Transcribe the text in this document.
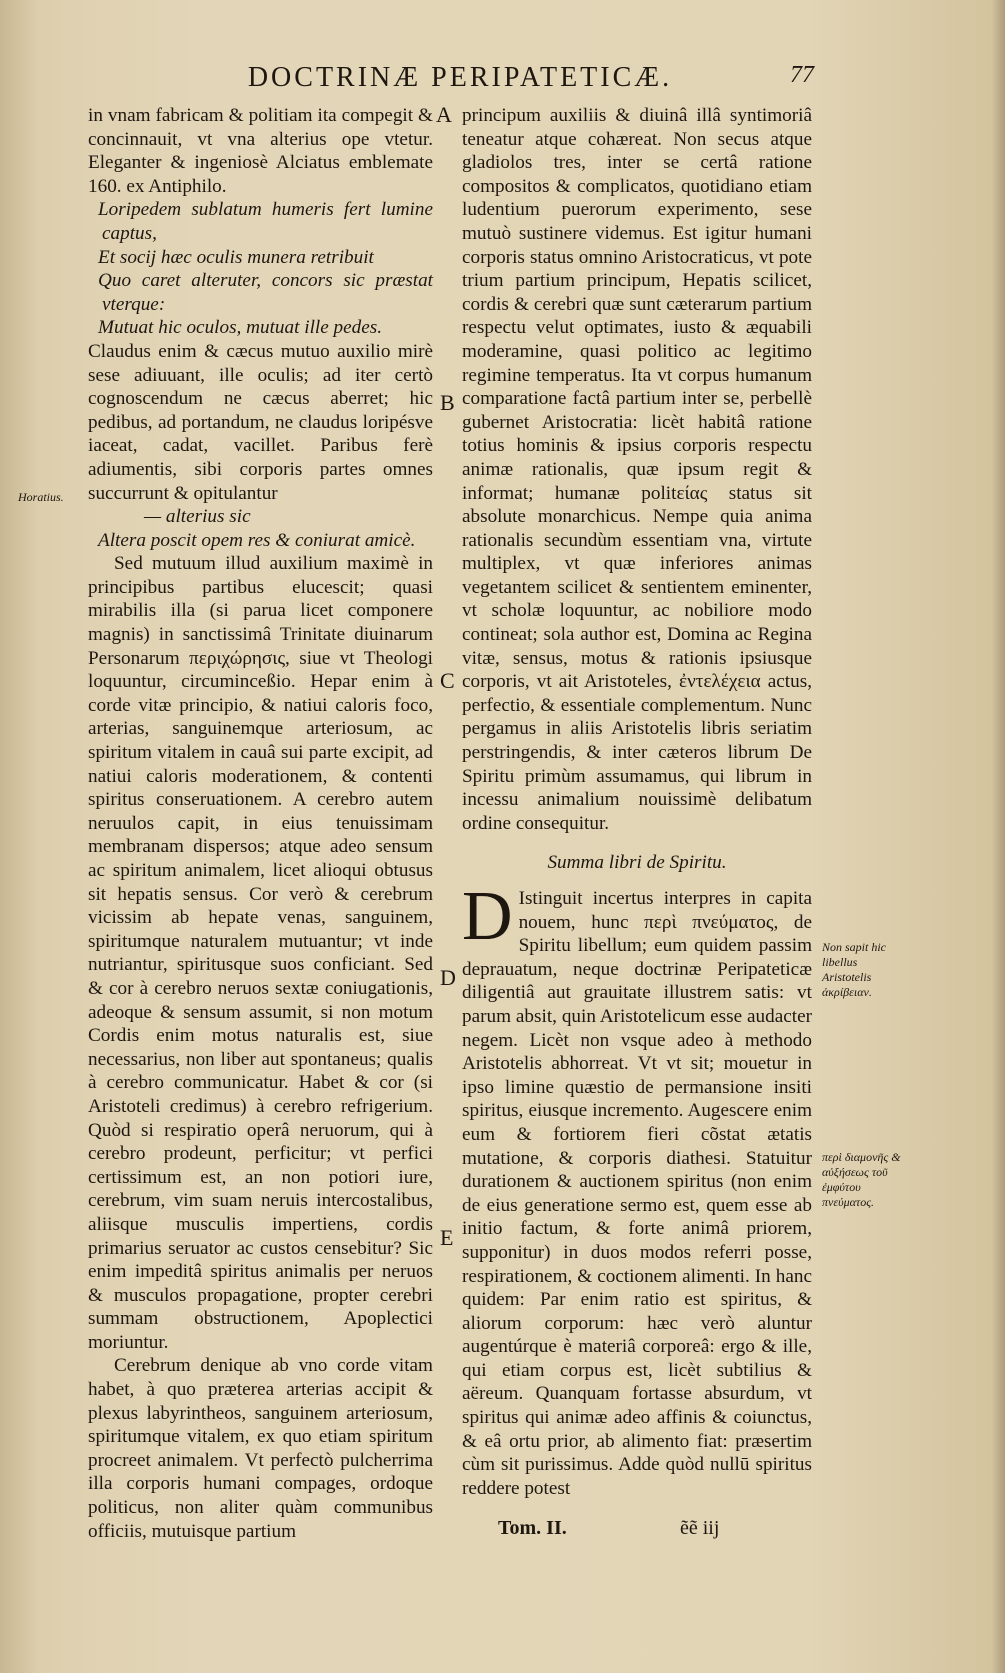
DOCTRINÆ PERIPATETICÆ.	77

in vnam fabricam & politiam ita compegit & concinnauit, vt vna alterius ope vtetur. Eleganter & ingeniosè Alciatus emblemate 160. ex Antiphilo.

Loripedem sublatum humeris fert lumine captus,
Et socij hæc oculis munera retribuit
Quo caret alteruter, concors sic præstat vterque:
Mutuat hic oculos, mutuat ille pedes.

Claudus enim & cæcus mutuo auxilio mirè sese adiuuant, ille oculis; ad iter certò cognoscendum ne cæcus aberret; hic pedibus, ad portandum, ne claudus loripésve iaceat, cadat, vacillet. Paribus ferè adiumentis, sibi corporis partes omnes succurrunt & opitulantur

— alterius sic
Altera poscit opem res & coniurat amicè.

Sed mutuum illud auxilium maximè in principibus partibus elucescit; quasi mirabilis illa (si parua licet componere magnis) in sanctissimâ Trinitate diuinarum Personarum περιχώρησις, siue vt Theologi loquuntur, circuminceßio. Hepar enim à corde vitæ principio, & natiui caloris foco, arterias, sanguinemque arteriosum, ac spiritum vitalem in cauâ sui parte excipit, ad natiui caloris moderationem, & contenti spiritus conseruationem. A cerebro autem neruulos capit, in eius tenuissimam membranam dispersos; atque adeo sensum ac spiritum animalem, licet alioqui obtusus sit hepatis sensus. Cor verò & cerebrum vicissim ab hepate venas, sanguinem, spiritumque naturalem mutuantur; vt inde nutriantur, spiritusque suos conficiant. Sed & cor à cerebro neruos sextæ coniugationis, adeoque & sensum assumit, si non motum Cordis enim motus naturalis est, siue necessarius, non liber aut spontaneus; qualis à cerebro communicatur. Habet & cor (si Aristoteli credimus) à cerebro refrigerium. Quòd si respiratio operâ neruorum, qui à cerebro prodeunt, perficitur; vt perfici certissimum est, an non potiori iure, cerebrum, vim suam neruis intercostalibus, aliisque musculis impertiens, cordis primarius seruator ac custos censebitur? Sic enim impeditâ spiritus animalis per neruos & musculos propagatione, propter cerebri summam obstructionem, Apoplectici moriuntur.

Cerebrum denique ab vno corde vitam habet, à quo præterea arterias accipit & plexus labyrintheos, sanguinem arteriosum, spiritumque vitalem, ex quo etiam spiritum procreet animalem. Vt perfectò pulcherrima illa corporis humani compages, ordoque politicus, non aliter quàm communibus officiis, mutuisque partium

principum auxiliis & diuinâ illâ syntimoriâ teneatur atque cohæreat. Non secus atque gladiolos tres, inter se certâ ratione compositos & complicatos, quotidiano etiam ludentium puerorum experimento, sese mutuò sustinere videmus. Est igitur humani corporis status omnino Aristocraticus, vt pote trium partium principum, Hepatis scilicet, cordis & cerebri quæ sunt cæterarum partium respectu velut optimates, iusto & æquabili moderamine, quasi politico ac legitimo regimine temperatus. Ita vt corpus humanum comparatione factâ partium inter se, perbellè gubernet Aristocratia: licèt habitâ ratione totius hominis & ipsius corporis respectu animæ rationalis, quæ ipsum regit & informat; humanæ politείας status sit absolute monarchicus. Nempe quia anima rationalis secundùm essentiam vna, virtute multiplex, vt quæ inferiores animas vegetantem scilicet & sentientem eminenter, vt scholæ loquuntur, ac nobiliore modo contineat; sola author est, Domina ac Regina vitæ, sensus, motus & rationis ipsiusque corporis, vt ait Aristoteles, ἐντελέχεια actus, perfectio, & essentiale complementum. Nunc pergamus in aliis Aristotelis libris seriatim perstringendis, & inter cæteros librum De Spiritu primùm assumamus, qui librum in incessu animalium nouissimè delibatum ordine consequitur.

Summa libri de Spiritu.

D Istinguit incertus interpres in capita nouem, hunc περὶ πνεύματος, de Spiritu libellum; eum quidem passim deprauatum, neque doctrinæ Peripateticæ diligentiâ aut grauitate illustrem satis: vt parum absit, quin Aristotelicum esse audacter negem. Licèt non vsque adeo à methodo Aristotelis abhorreat. Vt vt sit; mouetur in ipso limine quæstio de permansione insiti spiritus, eiusque incremento. Augescere enim eum & fortiorem fieri cõstat ætatis mutatione, & corporis diathesi. Statuitur durationem & auctionem spiritus (non enim de eius generatione sermo est, quem esse ab initio factum, & forte animâ priorem, supponitur) in duos modos referri posse, respirationem, & coctionem alimenti. In hanc quidem: Par enim ratio est spiritus, & aliorum corporum: hæc verò aluntur augentúrque è materiâ corporeâ: ergo & ille, qui etiam corpus est, licèt subtilius & aëreum. Quanquam fortasse absurdum, vt spiritus qui animæ adeo affinis & coiunctus, & eâ ortu prior, ab alimento fiat: præsertim cùm sit purissimus. Adde quòd nullū spiritus reddere potest

A
B
C
D
E
Horatius.
Non sapit hic libellus Aristotelis ἀκρίβειαν.
περὶ διαμονῆς & αὐξήσεως τοῦ ἐμφύτου πνεύματος.
Tom. II.	ẽẽ iij
